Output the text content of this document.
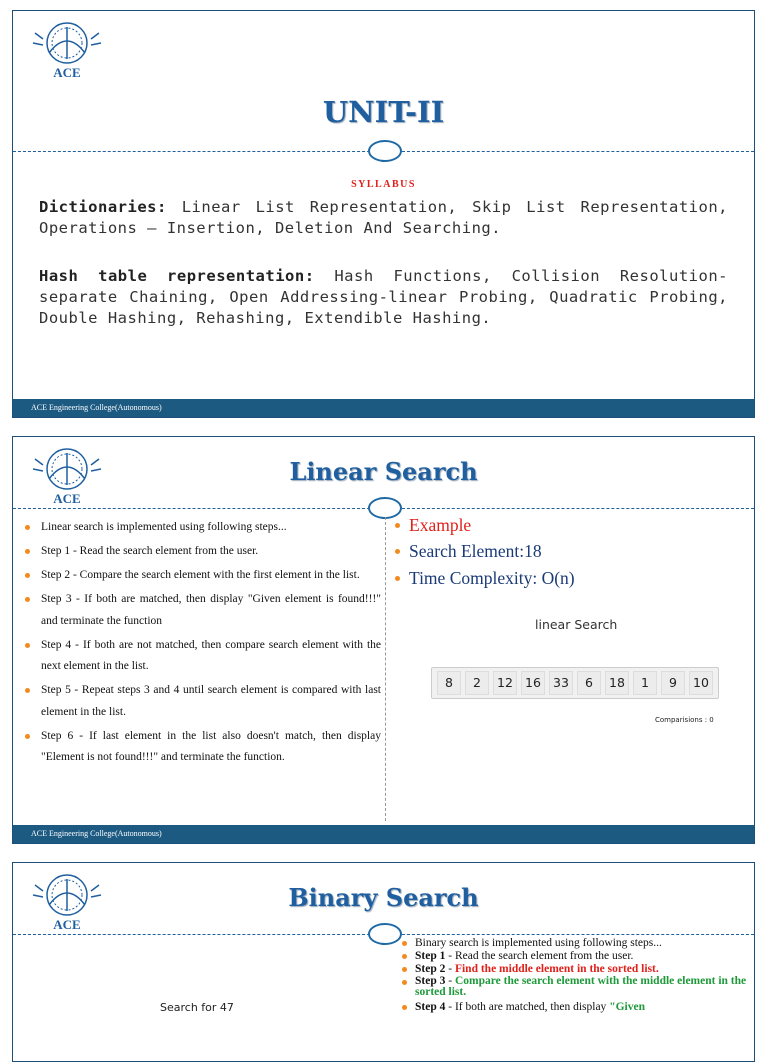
ACE
UNIT-II
SYLLABUS
Dictionaries: Linear List Representation, Skip List Representation, Operations – Insertion, Deletion And Searching.
Hash table representation: Hash Functions, Collision Resolution-separate Chaining, Open Addressing-linear Probing, Quadratic Probing, Double Hashing, Rehashing, Extendible Hashing.
ACE Engineering College(Autonomous)
ACE
Linear Search
Linear search is implemented using following steps...
Step 1 - Read the search element from the user.
Step 2 - Compare the search element with the first element in the list.
Step 3 - If both are matched, then display "Given element is found!!!" and terminate the function
Step 4 - If both are not matched, then compare search element with the next element in the list.
Step 5 - Repeat steps 3 and 4 until search element is compared with last element in the list.
Step 6 - If last element in the list also doesn't match, then display "Element is not found!!!" and terminate the function.
Example
Search Element:18
Time Complexity: O(n)
linear Search
8	2	12 16 33	6	18	1	9	10
Comparisions : 0
ACE Engineering College(Autonomous)
ACE
Binary Search
Search for 47
Binary search is implemented using following steps...
Step 1 - Read the search element from the user.
Step 2 - Find the middle element in the sorted list.
Step 3 - Compare the search element with the middle element in the sorted list.
Step 4 - If both are matched, then display "Given
